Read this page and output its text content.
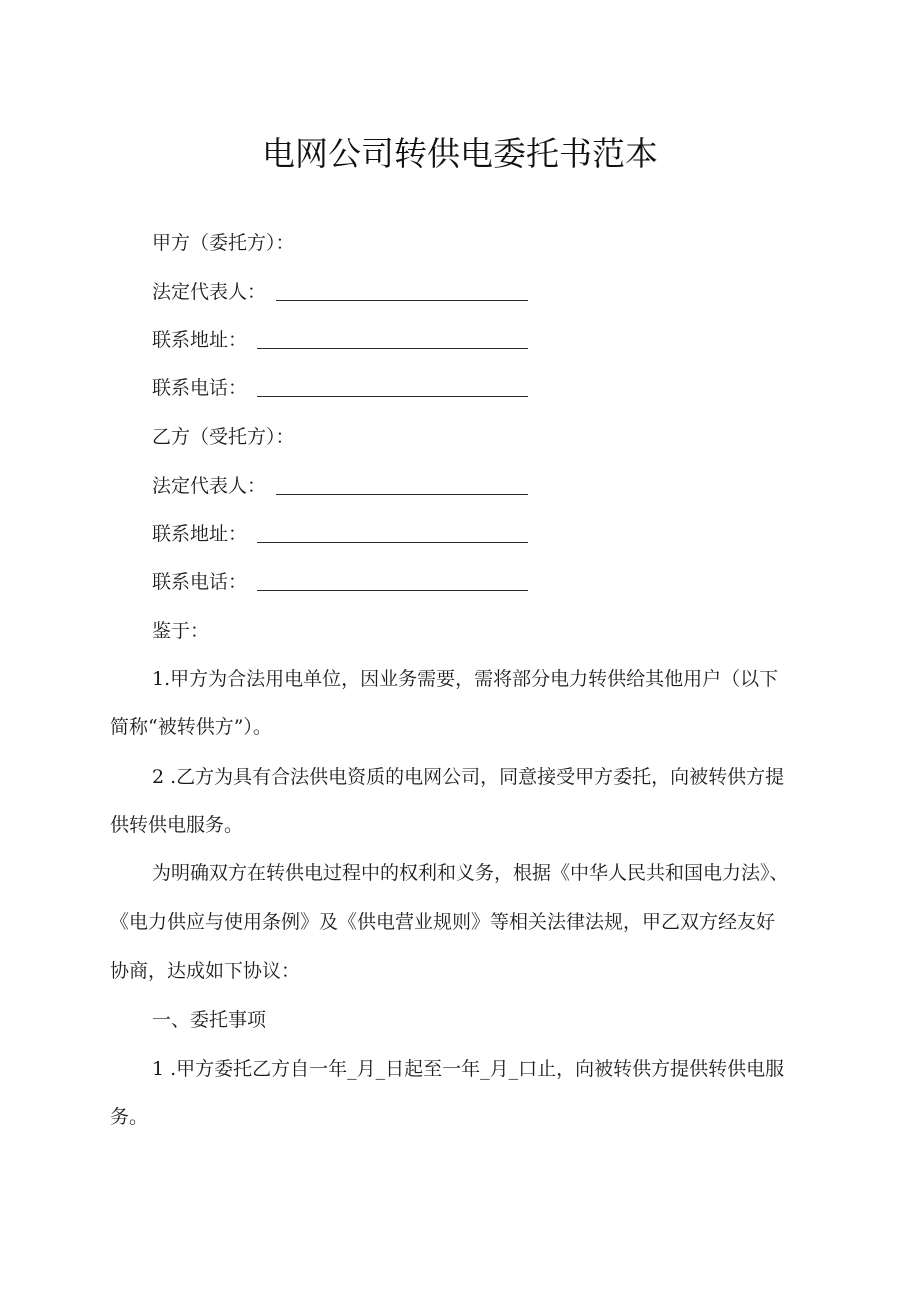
电网公司转供电委托书范本
甲方（委托方）：
法定代表人：
联系地址：
联系电话：
乙方（受托方）：
法定代表人：
联系地址：
联系电话：
鉴于：
1.甲方为合法用电单位，因业务需要，需将部分电力转供给其他用户（以下
简称“被转供方”）。
2 .乙方为具有合法供电资质的电网公司，同意接受甲方委托，向被转供方提
供转供电服务。
为明确双方在转供电过程中的权利和义务，根据《中华人民共和国电力法》、
《电力供应与使用条例》及《供电营业规则》等相关法律法规，甲乙双方经友好
协商，达成如下协议：
一、委托事项
1 .甲方委托乙方自一年_月_日起至一年_月_口止，向被转供方提供转供电服
务。
